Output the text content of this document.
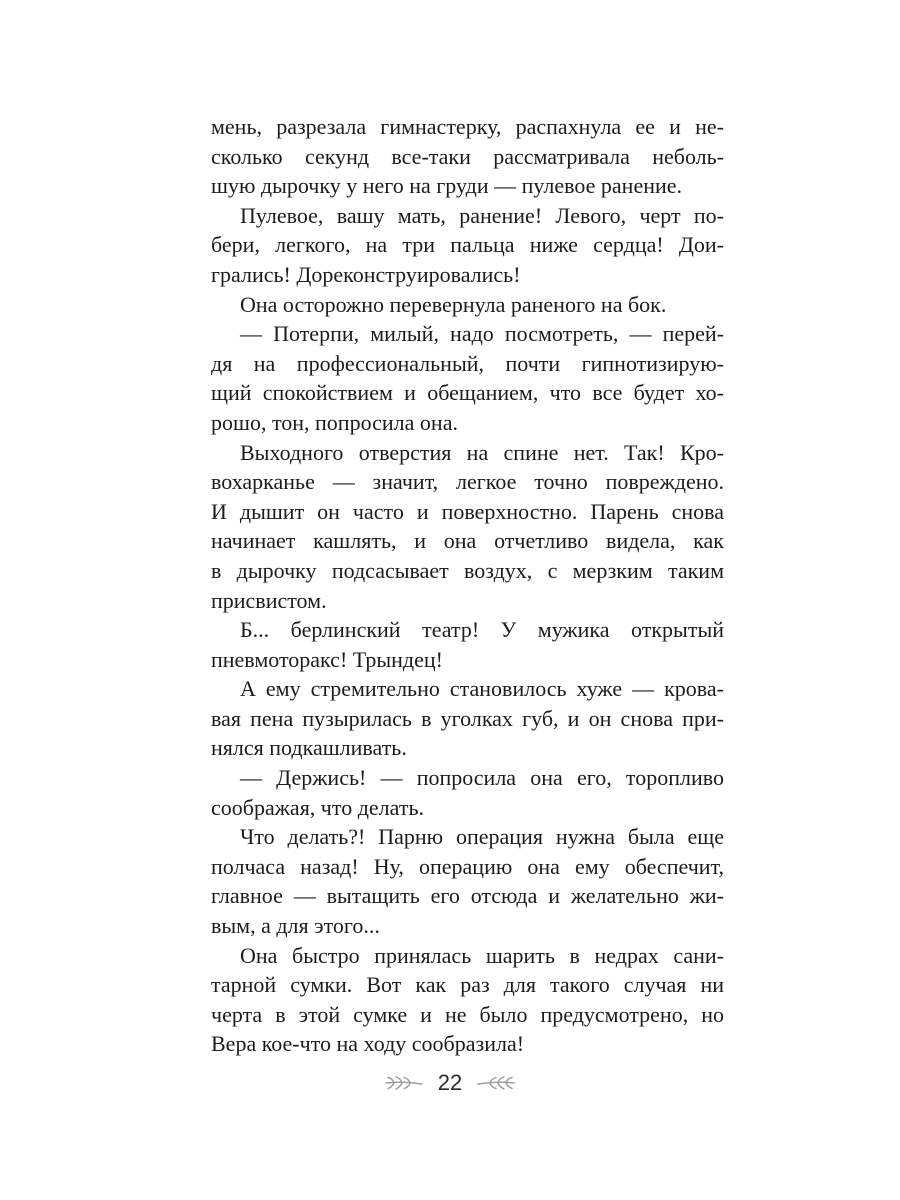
мень, разрезала гимнастерку, распахнула ее и не-
сколько секунд все-таки рассматривала неболь-
шую дырочку у него на груди — пулевое ранение.
Пулевое, вашу мать, ранение! Левого, черт по-
бери, легкого, на три пальца ниже сердца! Дои-
грались! Дореконструировались!
Она осторожно перевернула раненого на бок.
— Потерпи, милый, надо посмотреть, — перей-
дя на профессиональный, почти гипнотизирую-
щий спокойствием и обещанием, что все будет хо-
рошо, тон, попросила она.
Выходного отверстия на спине нет. Так! Кро-
вохарканье — значит, легкое точно повреждено.
И дышит он часто и поверхностно. Парень снова
начинает кашлять, и она отчетливо видела, как
в дырочку подсасывает воздух, с мерзким таким
присвистом.
Б... берлинский театр! У мужика открытый
пневмоторакс! Трындец!
А ему стремительно становилось хуже — крова-
вая пена пузырилась в уголках губ, и он снова при-
нялся подкашливать.
— Держись! — попросила она его, торопливо
соображая, что делать.
Что делать?! Парню операция нужна была еще
полчаса назад! Ну, операцию она ему обеспечит,
главное — вытащить его отсюда и желательно жи-
вым, а для этого...
Она быстро принялась шарить в недрах сани-
тарной сумки. Вот как раз для такого случая ни
черта в этой сумке и не было предусмотрено, но
Вера кое-что на ходу сообразила!
22
